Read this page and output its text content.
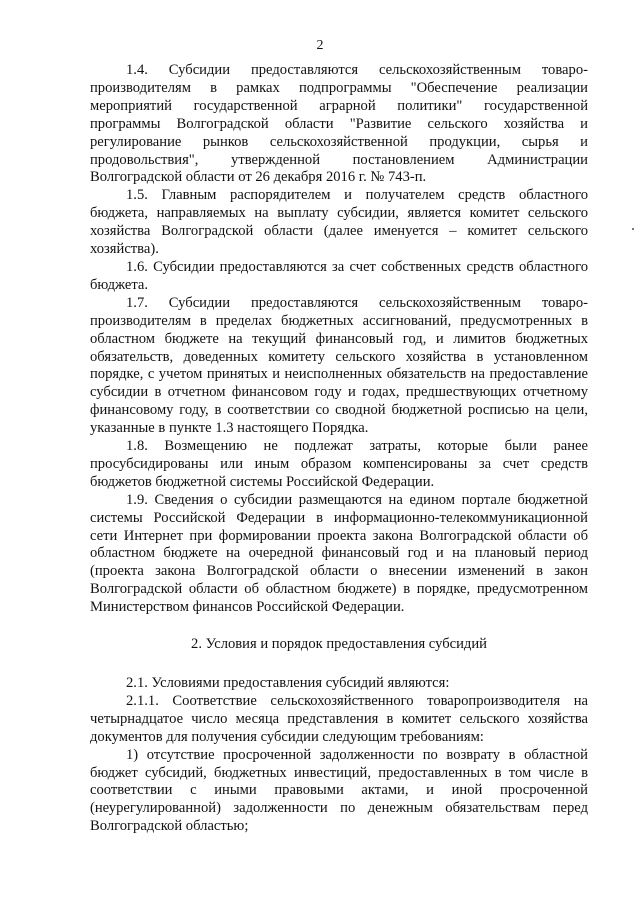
2

1.4. Субсидии предоставляются сельскохозяйственным товаропроизводителям в рамках подпрограммы "Обеспечение реализации мероприятий государственной аграрной политики" государственной программы Волгоградской области "Развитие сельского хозяйства и регулирование рынков сельскохозяйственной продукции, сырья и продовольствия", утвержденной постановлением Администрации Волгоградской области от 26 декабря 2016 г. № 743-п.

1.5. Главным распорядителем и получателем средств областного бюджета, направляемых на выплату субсидии, является комитет сельского хозяйства Волгоградской области (далее именуется – комитет сельского хозяйства).

1.6. Субсидии предоставляются за счет собственных средств областного бюджета.

1.7. Субсидии предоставляются сельскохозяйственным товаропроизводителям в пределах бюджетных ассигнований, предусмотренных в областном бюджете на текущий финансовый год, и лимитов бюджетных обязательств, доведенных комитету сельского хозяйства в установленном порядке, с учетом принятых и неисполненных обязательств на предоставление субсидии в отчетном финансовом году и годах, предшествующих отчетному финансовому году, в соответствии со сводной бюджетной росписью на цели, указанные в пункте 1.3 настоящего Порядка.

1.8. Возмещению не подлежат затраты, которые были ранее просубсидированы или иным образом компенсированы за счет средств бюджетов бюджетной системы Российской Федерации.

1.9. Сведения о субсидии размещаются на едином портале бюджетной системы Российской Федерации в информационно-телекоммуникационной сети Интернет при формировании проекта закона Волгоградской области об областном бюджете на очередной финансовый год и на плановый период (проекта закона Волгоградской области о внесении изменений в закон Волгоградской области об областном бюджете) в порядке, предусмотренном Министерством финансов Российской Федерации.

2. Условия и порядок предоставления субсидий

2.1. Условиями предоставления субсидий являются:

2.1.1. Соответствие сельскохозяйственного товаропроизводителя на четырнадцатое число месяца представления в комитет сельского хозяйства документов для получения субсидии следующим требованиям:

1) отсутствие просроченной задолженности по возврату в областной бюджет субсидий, бюджетных инвестиций, предоставленных в том числе в соответствии с иными правовыми актами, и иной просроченной (неурегулированной) задолженности по денежным обязательствам перед Волгоградской областью;
